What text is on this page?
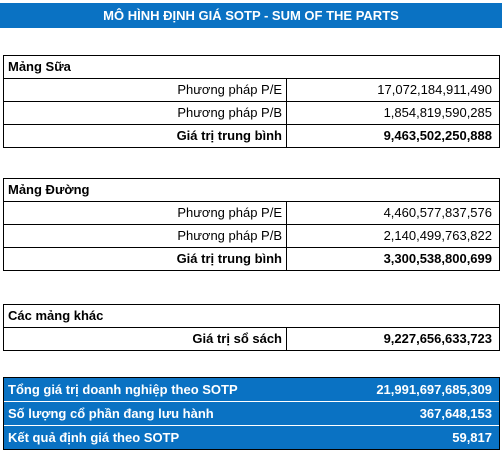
MÔ HÌNH ĐỊNH GIÁ SOTP - SUM OF THE PARTS
Mảng Sữa
Phương pháp P/E	17,072,184,911,490
Phương pháp P/B	1,854,819,590,285
Giá trị trung bình	9,463,502,250,888
Mảng Đường
Phương pháp P/E	4,460,577,837,576
Phương pháp P/B	2,140,499,763,822
Giá trị trung bình	3,300,538,800,699
Các mảng khác
Giá trị sổ sách	9,227,656,633,723
Tổng giá trị doanh nghiệp theo SOTP	21,991,697,685,309
Số lượng cổ phần đang lưu hành	367,648,153
Kết quả định giá theo SOTP	59,817
